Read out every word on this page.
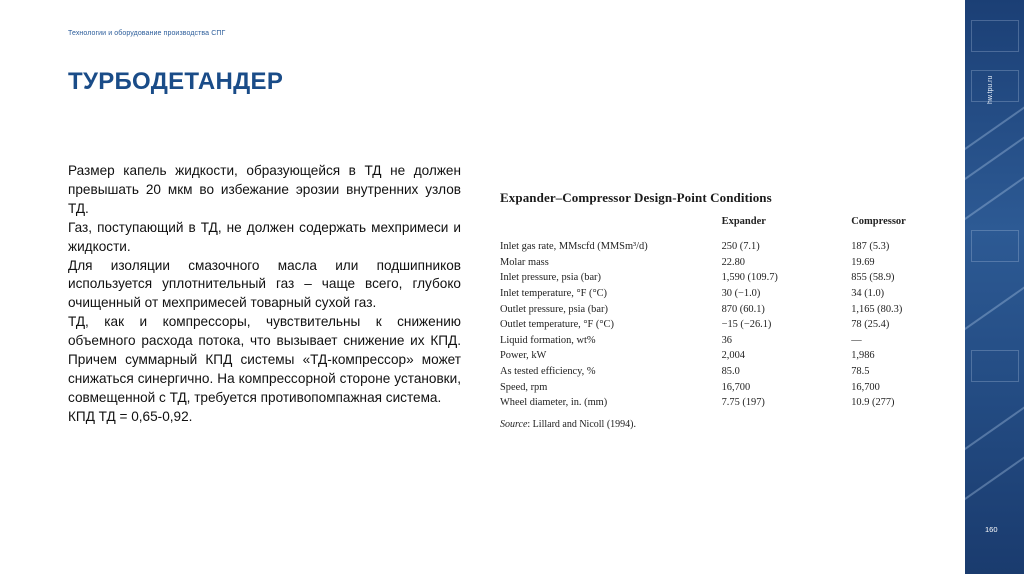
Технологии и оборудование производства СПГ
ТУРБОДЕТАНДЕР

Размер капель жидкости, образующейся в ТД не должен превышать 20 мкм во избежание эрозии внутренних узлов ТД.

Газ, поступающий в ТД, не должен содержать мехпримеси и жидкости.

Для изоляции смазочного масла или подшипников используется уплотнительный газ – чаще всего, глубоко очищенный от мехпримесей товарный сухой газ.

ТД, как и компрессоры, чувствительны к снижению объемного расхода потока, что вызывает снижение их КПД. Причем суммарный КПД системы «ТД-компрессор» может снижаться синергично. На компрессорной стороне установки, совмещенной с ТД, требуется противопомпажная система.

КПД ТД = 0,65-0,92.

Expander–Compressor Design-Point Conditions
	Expander	Compressor
Inlet gas rate, MMscfd (MMSm³/d)	250 (7.1)	187 (5.3)
Molar mass	22.80	19.69
Inlet pressure, psia (bar)	1,590 (109.7)	855 (58.9)
Inlet temperature, °F (°C)	30 (−1.0)	34 (1.0)
Outlet pressure, psia (bar)	870 (60.1)	1,165 (80.3)
Outlet temperature, °F (°C)	−15 (−26.1)	78 (25.4)
Liquid formation, wt%	36	—
Power, kW	2,004	1,986
As tested efficiency, %	85.0	78.5
Speed, rpm	16,700	16,700
Wheel diameter, in. (mm)	7.75 (197)	10.9 (277)
Source: Lillard and Nicoll (1994).
hw.tpu.ru
160
